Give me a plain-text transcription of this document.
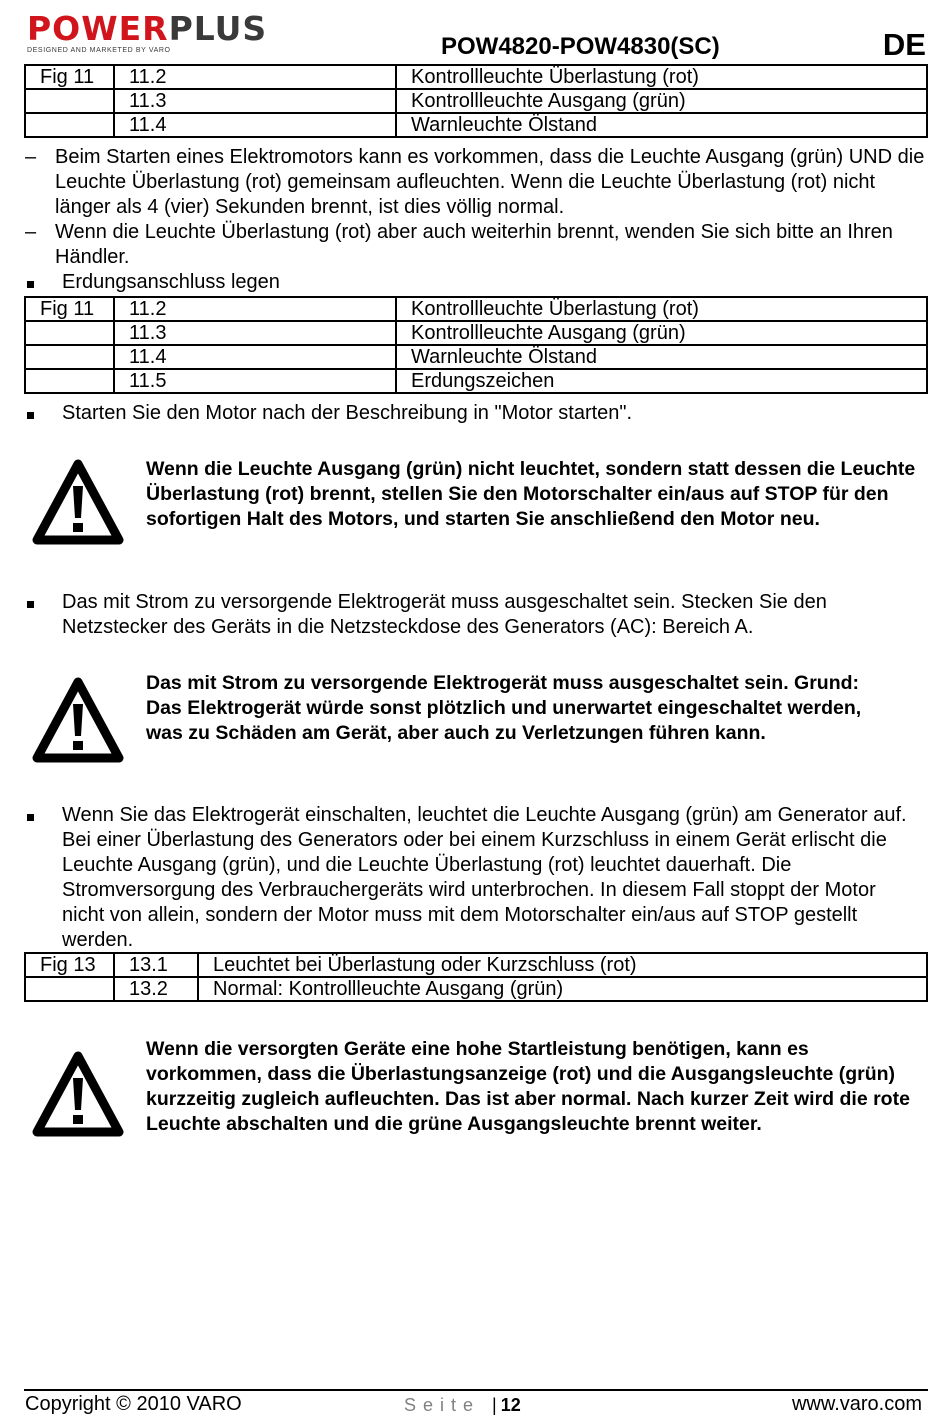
POWERPLUS
DESIGNED AND MARKETED BY VARO	POW4820-POW4830(SC)	DE
Fig 11	11.2	Kontrollleuchte Überlastung (rot)
	11.3	Kontrollleuchte Ausgang (grün)
	11.4	Warnleuchte Ölstand
– Beim Starten eines Elektromotors kann es vorkommen, dass die Leuchte Ausgang (grün) UND die Leuchte Überlastung (rot) gemeinsam aufleuchten. Wenn die Leuchte Überlastung (rot) nicht länger als 4 (vier) Sekunden brennt, ist dies völlig normal.
– Wenn die Leuchte Überlastung (rot) aber auch weiterhin brennt, wenden Sie sich bitte an Ihren Händler.
Erdungsanschluss legen
Fig 11	11.2	Kontrollleuchte Überlastung (rot)
	11.3	Kontrollleuchte Ausgang (grün)
	11.4	Warnleuchte Ölstand
	11.5	Erdungszeichen
Starten Sie den Motor nach der Beschreibung in "Motor starten".
Wenn die Leuchte Ausgang (grün) nicht leuchtet, sondern statt dessen die Leuchte Überlastung (rot) brennt, stellen Sie den Motorschalter ein/aus auf STOP für den sofortigen Halt des Motors, und starten Sie anschließend den Motor neu.
Das mit Strom zu versorgende Elektrogerät muss ausgeschaltet sein. Stecken Sie den Netzstecker des Geräts in die Netzsteckdose des Generators (AC): Bereich A.
Das mit Strom zu versorgende Elektrogerät muss ausgeschaltet sein. Grund: Das Elektrogerät würde sonst plötzlich und unerwartet eingeschaltet werden, was zu Schäden am Gerät, aber auch zu Verletzungen führen kann.
Wenn Sie das Elektrogerät einschalten, leuchtet die Leuchte Ausgang (grün) am Generator auf. Bei einer Überlastung des Generators oder bei einem Kurzschluss in einem Gerät erlischt die Leuchte Ausgang (grün), und die Leuchte Überlastung (rot) leuchtet dauerhaft. Die Stromversorgung des Verbrauchergeräts wird unterbrochen. In diesem Fall stoppt der Motor nicht von allein, sondern der Motor muss mit dem Motorschalter ein/aus auf STOP gestellt werden.
Fig 13	13.1	Leuchtet bei Überlastung oder Kurzschluss (rot)
	13.2	Normal: Kontrollleuchte Ausgang (grün)
Wenn die versorgten Geräte eine hohe Startleistung benötigen, kann es vorkommen, dass die Überlastungsanzeige (rot) und die Ausgangsleuchte (grün) kurzzeitig zugleich aufleuchten. Das ist aber normal. Nach kurzer Zeit wird die rote Leuchte abschalten und die grüne Ausgangsleuchte brennt weiter.
Copyright © 2010 VARO	Seite | 12	www.varo.com
